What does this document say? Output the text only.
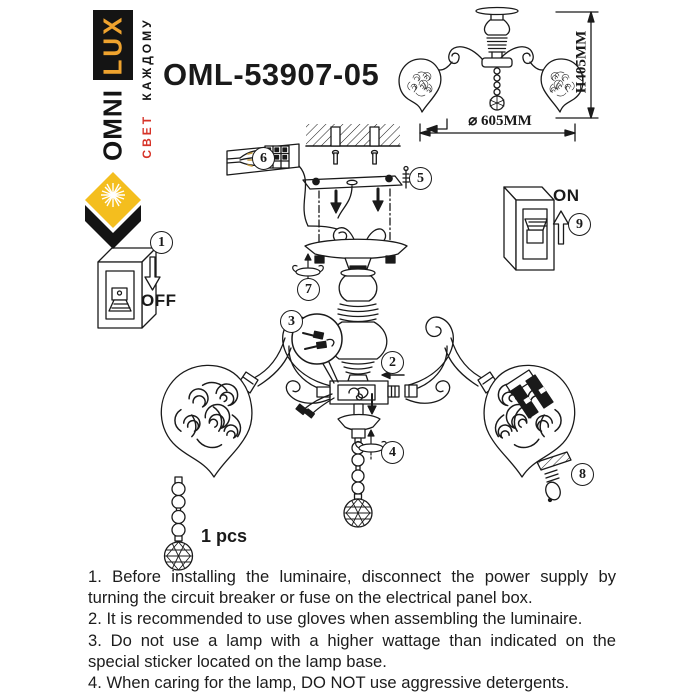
LUX
OMNI СВЕТ КАЖДОМУ OML-53907-05	H405MM
⌀ 605MM
1
2
3
4
5
6
7
8
9
OFF
ON
1 pcs

1. Before installing the luminaire, disconnect the power supply by turning the circuit breaker or fuse on the electrical panel box.

2. It is recommended to use gloves when assembling the luminaire.

3. Do not use a lamp with a higher wattage than indicated on the special sticker located on the lamp base.

4. When caring for the lamp, DO NOT use aggressive detergents.
